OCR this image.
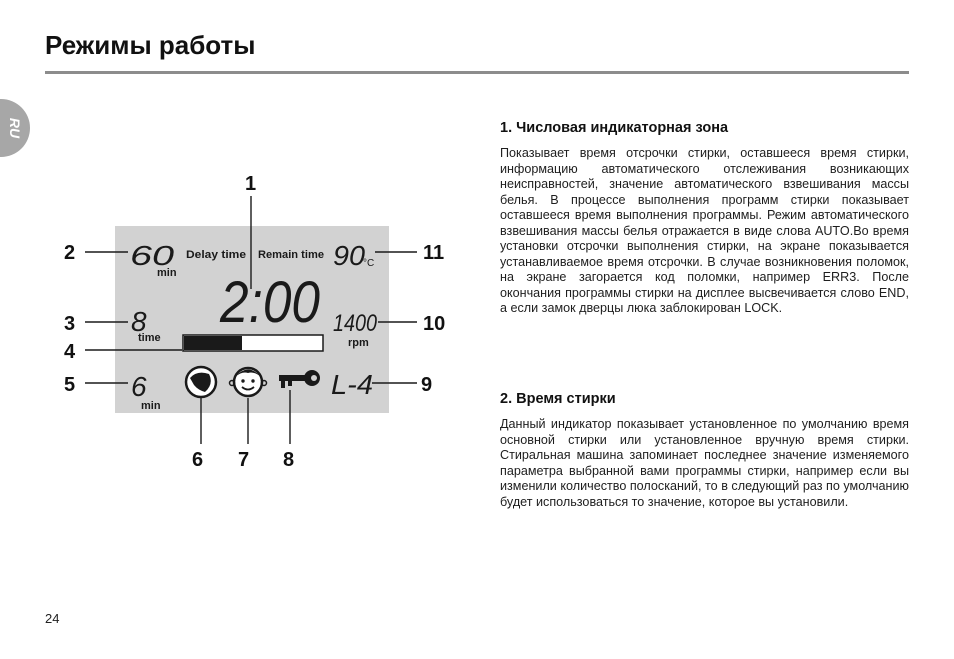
Режимы работы
RU
1
2
3
4
5
6 7 8
9
10
11
60
min
Delay time Remain time 90
°C
2:00
8
time
1400
rpm
6
min
L-4
1. Числовая индикаторная зона

Показывает время отсрочки стирки, оставшееся время стирки, информацию автоматического отслеживания возникающих неисправностей, значение автоматического взвешивания массы белья. В процессе выполнения программ стирки показывает оставшееся время выполнения программы. Режим автоматического взвешивания массы белья отражается в виде слова AUTO.Во время установки отсрочки выполнения стирки, на экране показывается устанавливаемое время отсрочки. В случае возникновения поломок, на экране загорается код поломки, например ERR3. После окончания программы стирки на дисплее высвечивается слово END, а если замок дверцы люка заблокирован LOCK.

2. Время стирки

Данный индикатор показывает установленное по умолчанию время основной стирки или установленное вручную время стирки. Стиральная машина запоминает последнее значение изменяемого параметра выбранной вами программы стирки, например если вы изменили количество полосканий, то в следующий раз по умолчанию будет использоваться то значение, которое вы установили.

24
